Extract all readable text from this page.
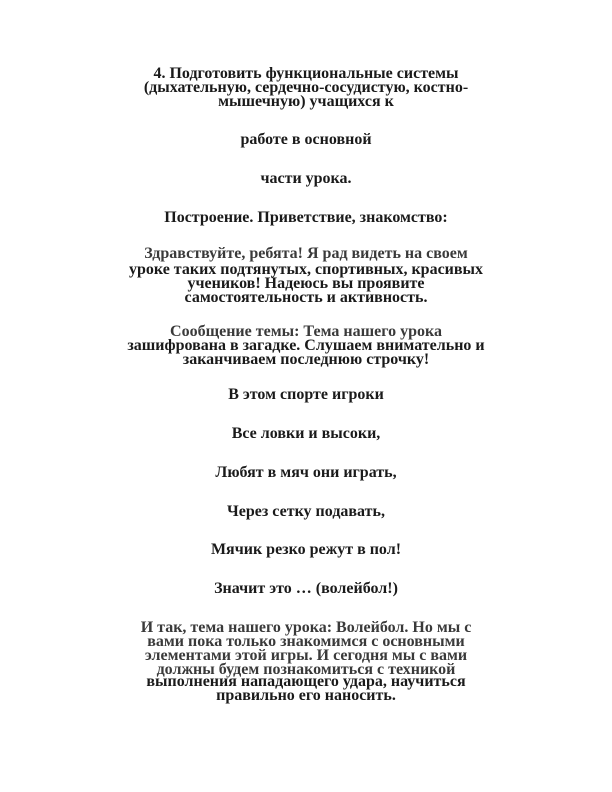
4. Подготовить функциональные системы
(дыхательную, сердечно-сосудистую, костно-
мышечную) учащихся к
работе в основной
части урока.
Построение. Приветствие, знакомство:
Здравствуйте, ребята! Я рад видеть на своем
уроке таких подтянутых, спортивных, красивых
учеников! Надеюсь вы проявите
самостоятельность и активность.
Сообщение темы: Тема нашего урока
зашифрована в загадке. Слушаем внимательно и
заканчиваем последнюю строчку!
В этом спорте игроки
Все ловки и высоки,
Любят в мяч они играть,
Через сетку подавать,
Мячик резко режут в пол!
Значит это … (волейбол!)
И так, тема нашего урока: Волейбол. Но мы с
вами пока только знакомимся с основными
элементами этой игры. И сегодня мы с вами
должны будем познакомиться с техникой
выполнения нападающего удара, научиться
правильно его наносить.
